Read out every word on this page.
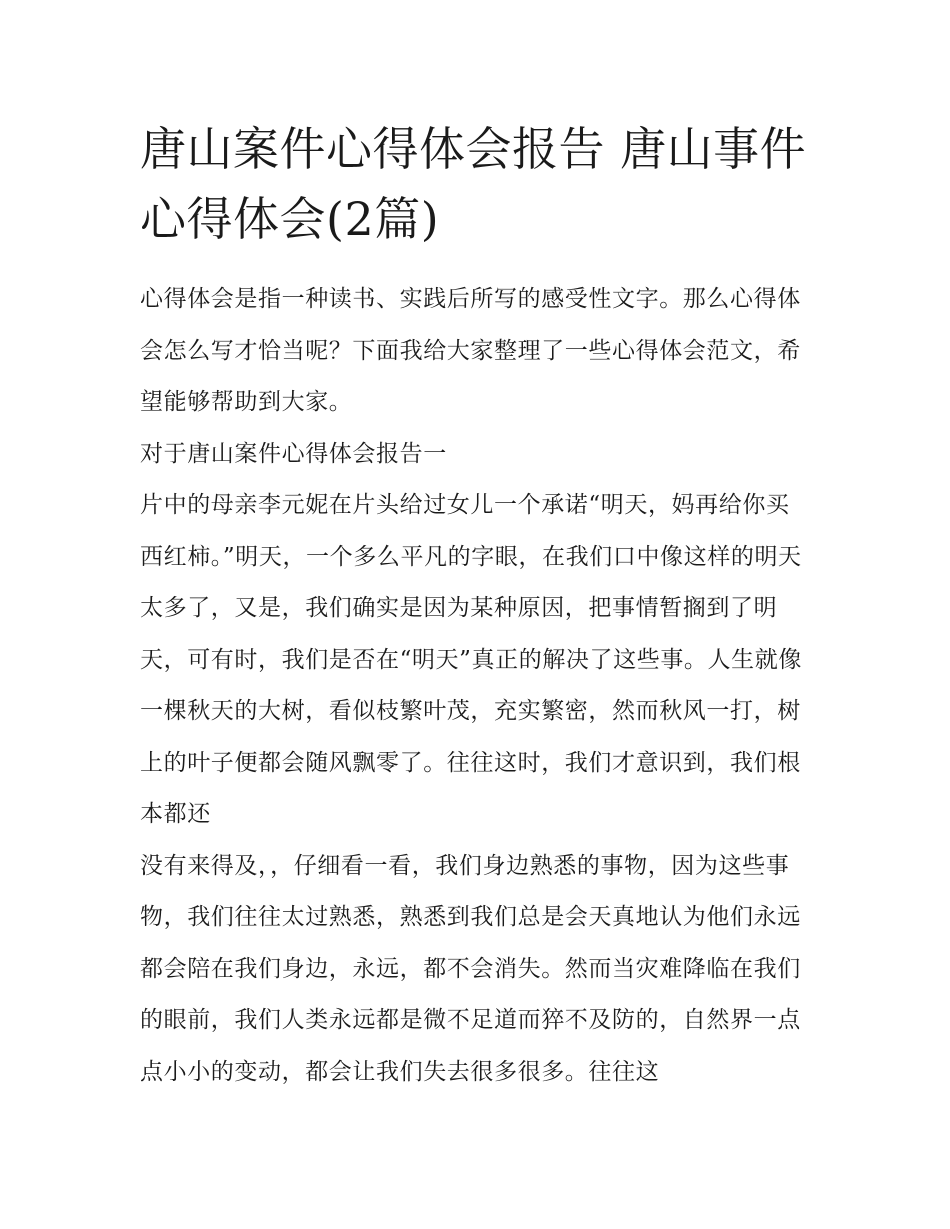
唐山案件心得体会报告 唐山事件心得体会(2篇)

心得体会是指一种读书、实践后所写的感受性文字。那么心得体会怎么写才恰当呢？下面我给大家整理了一些心得体会范文，希望能够帮助到大家。

对于唐山案件心得体会报告一

片中的母亲李元妮在片头给过女儿一个承诺“明天，妈再给你买西红柿。”明天，一个多么平凡的字眼，在我们口中像这样的明天太多了，又是，我们确实是因为某种原因，把事情暂搁到了明天，可有时，我们是否在“明天”真正的解决了这些事。人生就像一棵秋天的大树，看似枝繁叶茂，充实繁密，然而秋风一打，树上的叶子便都会随风飘零了。往往这时，我们才意识到，我们根本都还

没有来得及，，仔细看一看，我们身边熟悉的事物，因为这些事物，我们往往太过熟悉，熟悉到我们总是会天真地认为他们永远都会陪在我们身边，永远，都不会消失。然而当灾难降临在我们的眼前，我们人类永远都是微不足道而猝不及防的，自然界一点点小小的变动，都会让我们失去很多很多。往往这
